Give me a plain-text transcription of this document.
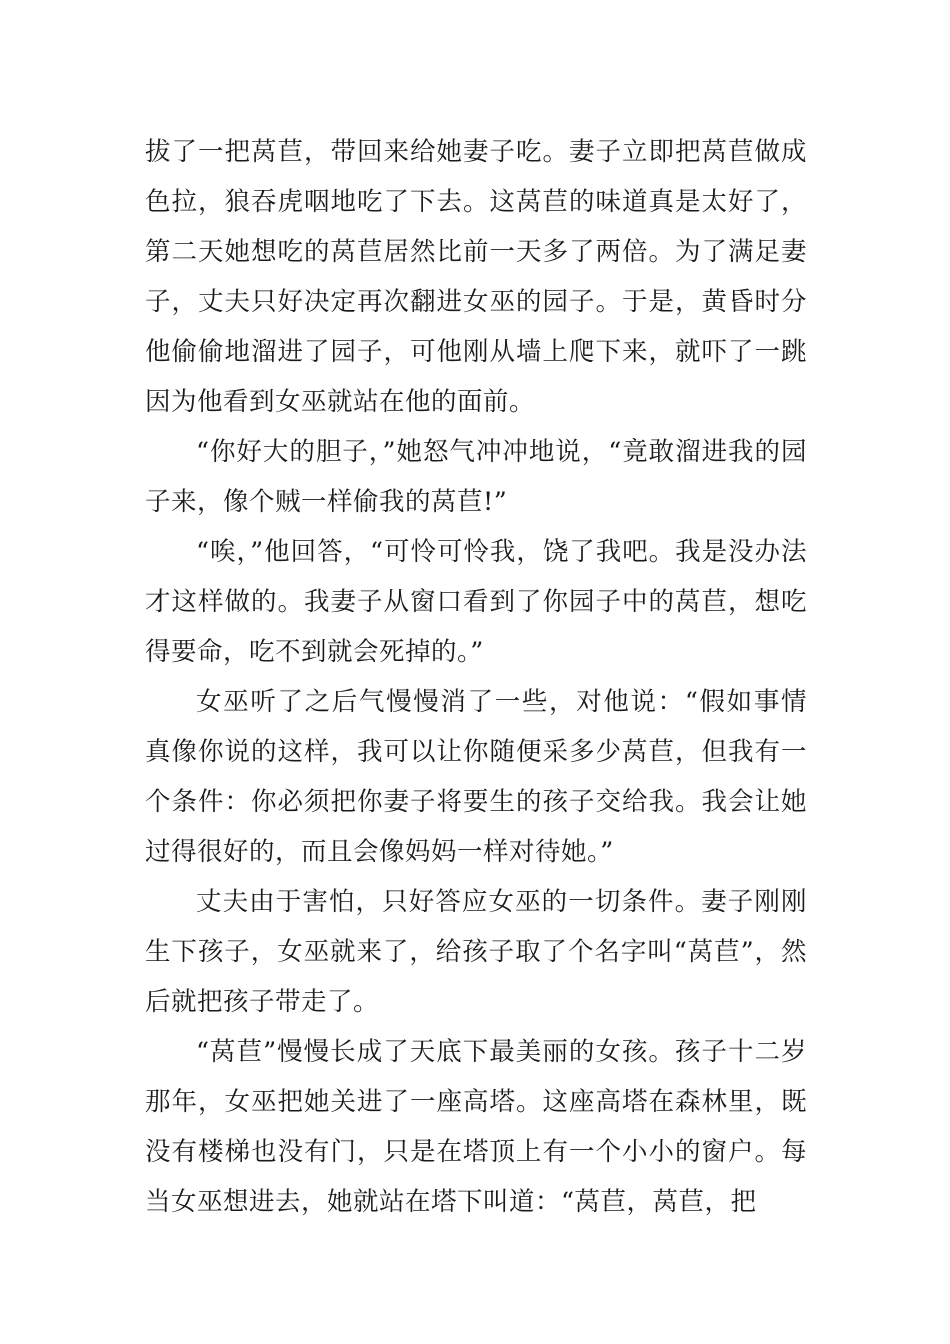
拔了一把莴苣，带回来给她妻子吃。妻子立即把莴苣做成色拉，狼吞虎咽地吃了下去。这莴苣的味道真是太好了，第二天她想吃的莴苣居然比前一天多了两倍。为了满足妻子，丈夫只好决定再次翻进女巫的园子。于是，黄昏时分他偷偷地溜进了园子，可他刚从墙上爬下来，就吓了一跳因为他看到女巫就站在他的面前。

“你好大的胆子，”她怒气冲冲地说，“竟敢溜进我的园子来，像个贼一样偷我的莴苣!”

“唉，”他回答，“可怜可怜我，饶了我吧。我是没办法才这样做的。我妻子从窗口看到了你园子中的莴苣，想吃得要命，吃不到就会死掉的。”

女巫听了之后气慢慢消了一些，对他说：“假如事情真像你说的这样，我可以让你随便采多少莴苣，但我有一个条件：你必须把你妻子将要生的孩子交给我。我会让她过得很好的，而且会像妈妈一样对待她。”

丈夫由于害怕，只好答应女巫的一切条件。妻子刚刚生下孩子，女巫就来了，给孩子取了个名字叫“莴苣”，然后就把孩子带走了。

“莴苣”慢慢长成了天底下最美丽的女孩。孩子十二岁那年，女巫把她关进了一座高塔。这座高塔在森林里，既没有楼梯也没有门，只是在塔顶上有一个小小的窗户。每当女巫想进去，她就站在塔下叫道：“莴苣，莴苣，把
